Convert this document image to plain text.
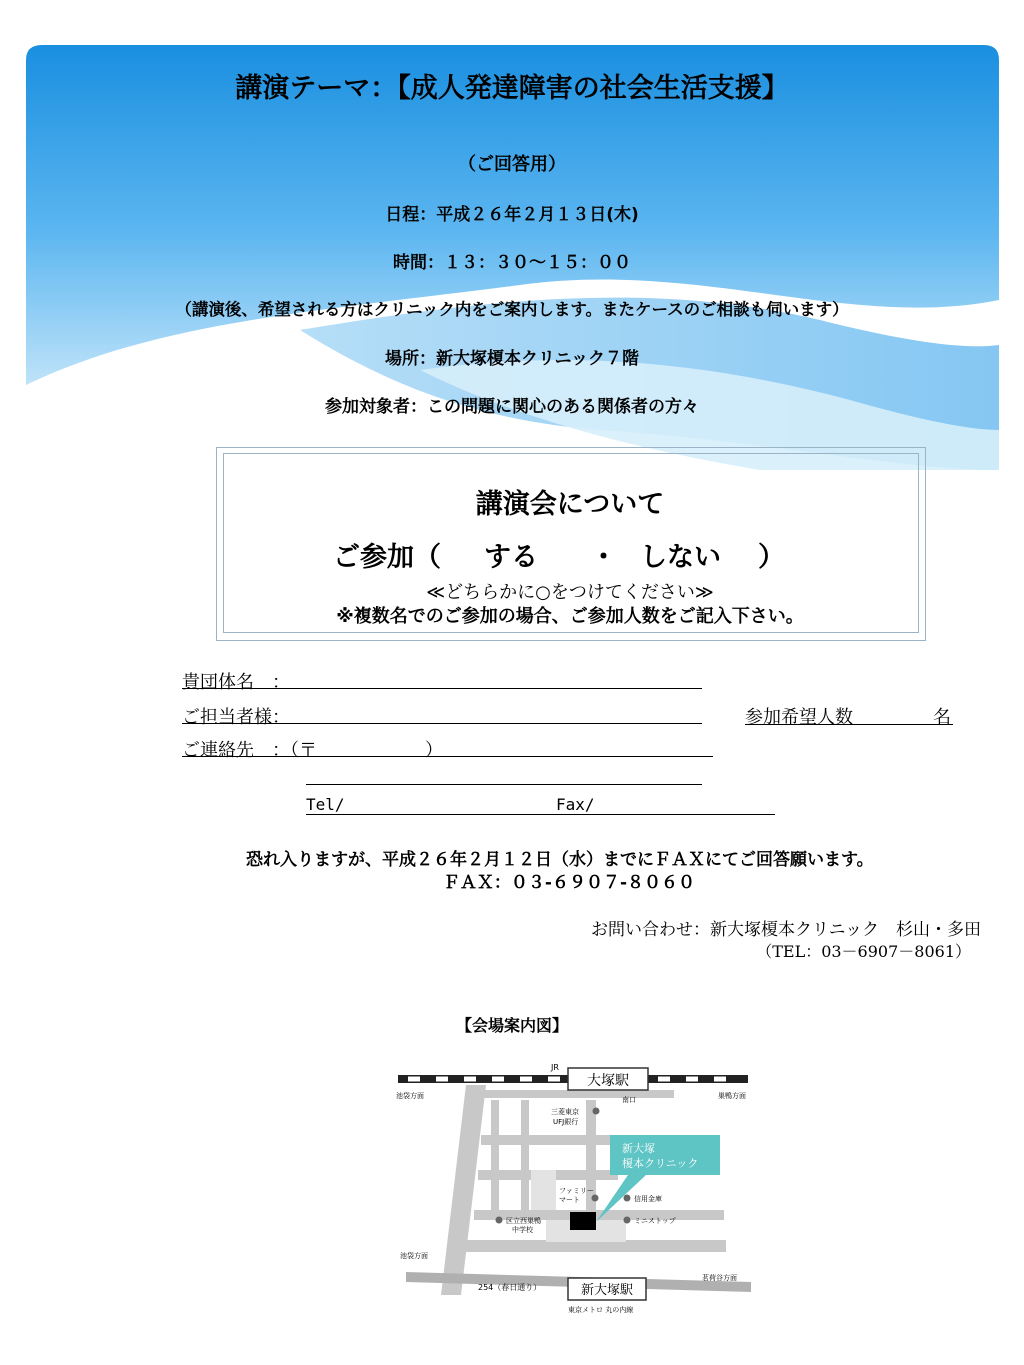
講演テーマ：【成人発達障害の社会生活支援】
（ご回答用）
日程：平成２６年２月１３日(木)
時間：１３：３０～１５：００
（講演後、希望される方はクリニック内をご案内します。またケースのご相談も伺います）
場所：新大塚榎本クリニック７階
参加対象者：この問題に関心のある関係者の方々
講演会について
ご参加（ する ・ しない ）
≪どちらかに○をつけてください≫
※複数名でのご参加の場合、ご参加人数をご記入下さい。
貴団体名　：
ご担当者様：
ご連絡先　：（〒　　　　　　）
Tel/	Fax/
参加希望人数	名
恐れ入りますが、平成２６年２月１２日（水）までにＦＡＸにてご回答願います。
ＦＡＸ：０３-６９０７-８０６０
お問い合わせ：新大塚榎本クリニック　杉山・多田
（TEL：03－6907－8061）
【会場案内図】
JR
大塚駅
南口
池袋方面	巣鴨方面
三菱東京
UFJ銀行
新大塚
榎本クリニック
ファミリー
マート	信用金庫
ミニストップ
区立西巣鴨
中学校
池袋方面
254（春日通り）	新大塚駅
東京メトロ 丸の内線
茗荷谷方面
